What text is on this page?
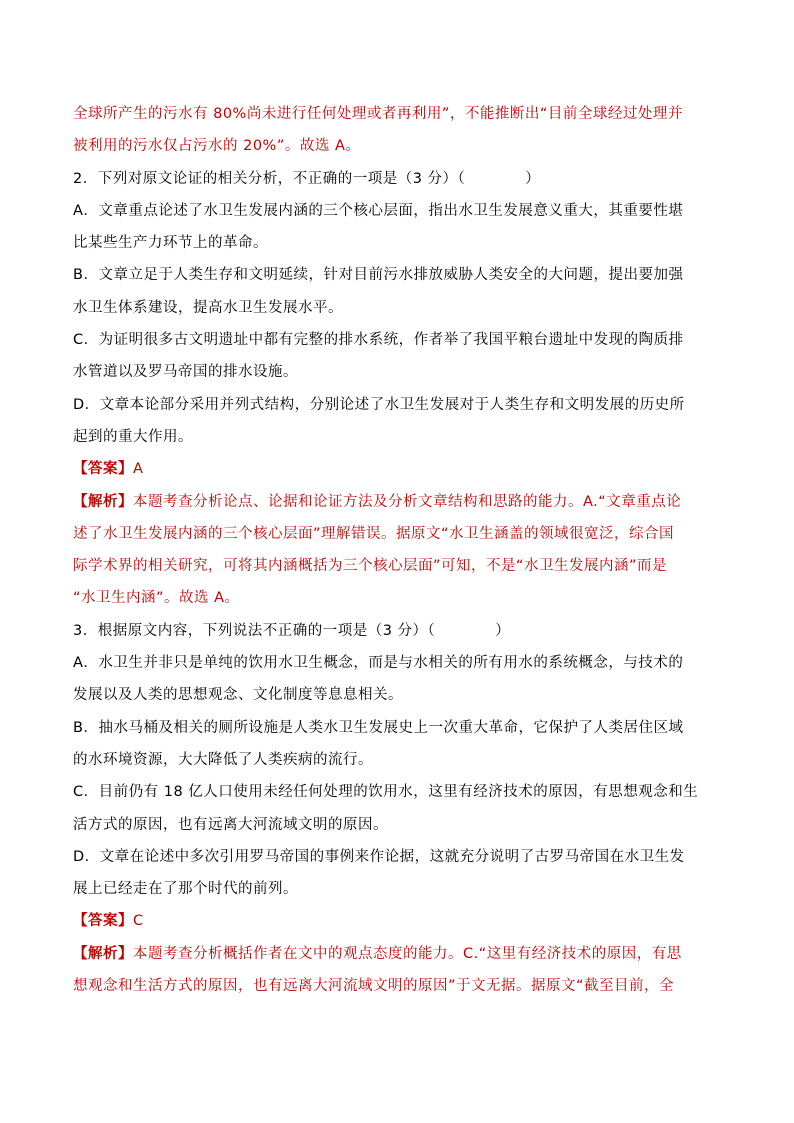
全球所产生的污水有 80%尚未进行任何处理或者再利用”，不能推断出“目前全球经过处理并
被利用的污水仅占污水的 20%”。故选 A。
2．下列对原文论证的相关分析，不正确的一项是（3 分）（　　　　）
A．文章重点论述了水卫生发展内涵的三个核心层面，指出水卫生发展意义重大，其重要性堪
比某些生产力环节上的革命。
B．文章立足于人类生存和文明延续，针对目前污水排放威胁人类安全的大问题，提出要加强
水卫生体系建设，提高水卫生发展水平。
C．为证明很多古文明遗址中都有完整的排水系统，作者举了我国平粮台遗址中发现的陶质排
水管道以及罗马帝国的排水设施。
D．文章本论部分采用并列式结构，分别论述了水卫生发展对于人类生存和文明发展的历史所
起到的重大作用。
【答案】A
【解析】本题考查分析论点、论据和论证方法及分析文章结构和思路的能力。A.“文章重点论
述了水卫生发展内涵的三个核心层面”理解错误。据原文“水卫生涵盖的领域很宽泛，综合国
际学术界的相关研究，可将其内涵概括为三个核心层面”可知，不是“水卫生发展内涵”而是
“水卫生内涵”。故选 A。
3．根据原文内容，下列说法不正确的一项是（3 分）（　　　　）
A．水卫生并非只是单纯的饮用水卫生概念，而是与水相关的所有用水的系统概念，与技术的
发展以及人类的思想观念、文化制度等息息相关。
B．抽水马桶及相关的厕所设施是人类水卫生发展史上一次重大革命，它保护了人类居住区域
的水环境资源，大大降低了人类疾病的流行。
C．目前仍有 18 亿人口使用未经任何处理的饮用水，这里有经济技术的原因，有思想观念和生
活方式的原因，也有远离大河流域文明的原因。
D．文章在论述中多次引用罗马帝国的事例来作论据，这就充分说明了古罗马帝国在水卫生发
展上已经走在了那个时代的前列。
【答案】C
【解析】本题考查分析概括作者在文中的观点态度的能力。C.“这里有经济技术的原因，有思
想观念和生活方式的原因，也有远离大河流域文明的原因”于文无据。据原文“截至目前，全
